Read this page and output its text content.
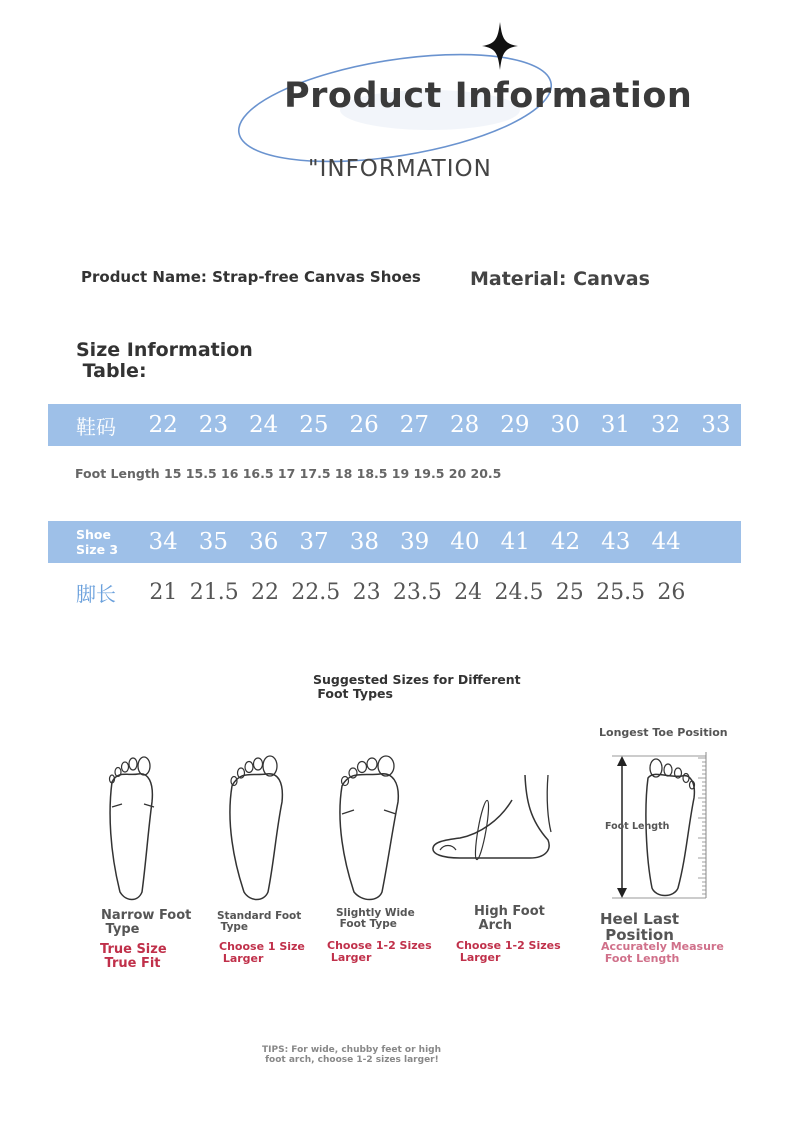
Product Information
"INFORMATION
Product Name: Strap-free Canvas Shoes	Material: Canvas
Size Information
Table:
鞋码	22 23 24 25 26 27 28 29 30 31 32 33
Foot Length 15 15.5 16 16.5 17 17.5 18 18.5 19 19.5 20 20.5
Shoe Size 3	34 35 36 37 38 39 40 41 42 43 44
脚长	21 21.5 22 22.5 23 23.5 24 24.5 25 25.5 26
Suggested Sizes for Different
Foot Types
Longest Toe Position
Foot Length
Narrow Foot
Type
True Size
True Fit
Standard Foot
Type
Choose 1 Size
Larger
Slightly Wide
Foot Type
Choose 1-2 Sizes
Larger
High Foot
Arch
Choose 1-2 Sizes
Larger
Heel Last
Position
Accurately Measure
Foot Length
TIPS: For wide, chubby feet or high
foot arch, choose 1-2 sizes larger!
